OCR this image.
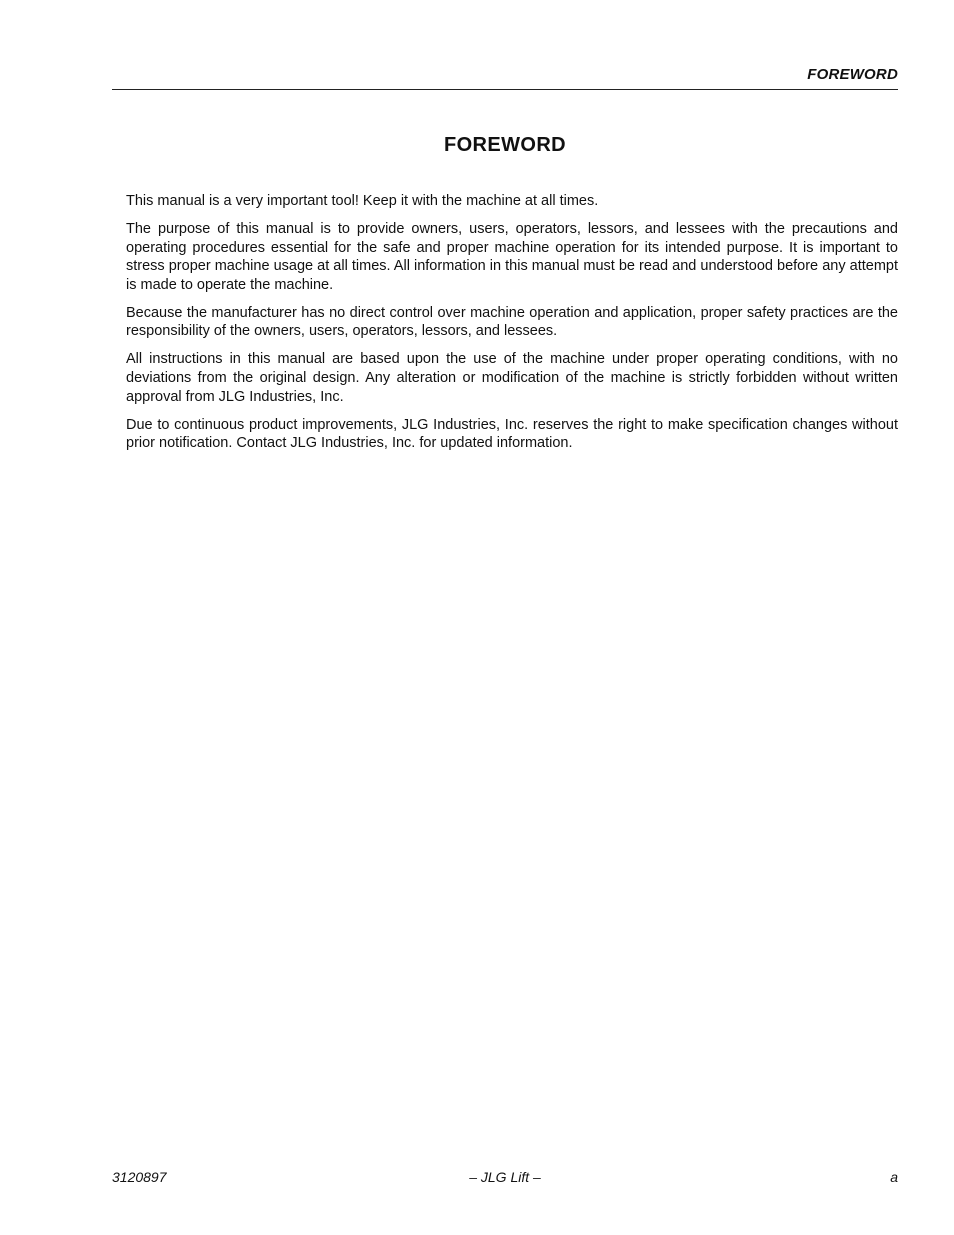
FOREWORD
FOREWORD

This manual is a very important tool! Keep it with the machine at all times.

The purpose of this manual is to provide owners, users, operators, lessors, and lessees with the precautions and operating procedures essential for the safe and proper machine operation for its intended purpose. It is important to stress proper machine usage at all times. All information in this manual must be read and understood before any attempt is made to operate the machine.

Because the manufacturer has no direct control over machine operation and application, proper safety practices are the responsibility of the owners, users, operators, lessors, and lessees.

All instructions in this manual are based upon the use of the machine under proper operating conditions, with no deviations from the original design. Any alteration or modification of the machine is strictly forbidden without written approval from JLG Industries, Inc.

Due to continuous product improvements, JLG Industries, Inc. reserves the right to make specification changes without prior notification. Contact JLG Industries, Inc. for updated information.

3120897	– JLG Lift –	a
